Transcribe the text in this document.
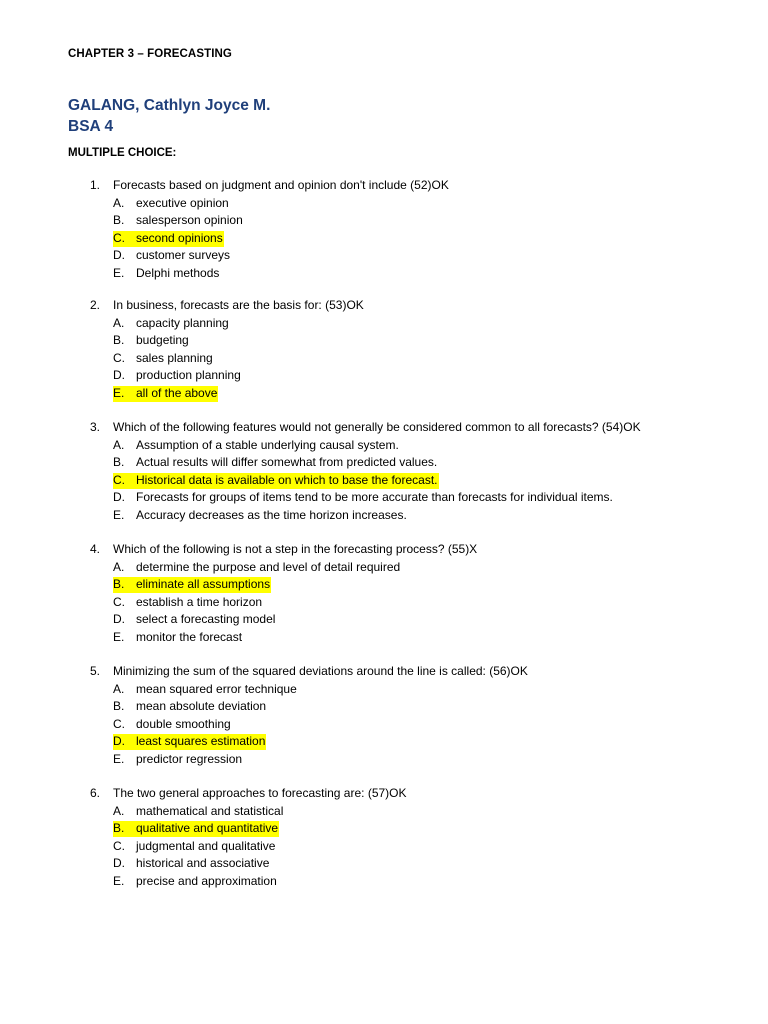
CHAPTER 3 – FORECASTING
GALANG, Cathlyn Joyce M.
BSA 4
MULTIPLE CHOICE:
1. Forecasts based on judgment and opinion don't include (52)OK
A. executive opinion
B. salesperson opinion
C. second opinions
D. customer surveys
E. Delphi methods
2. In business, forecasts are the basis for: (53)OK
A. capacity planning
B. budgeting
C. sales planning
D. production planning
E. all of the above
3. Which of the following features would not generally be considered common to all forecasts? (54)OK
A. Assumption of a stable underlying causal system.
B. Actual results will differ somewhat from predicted values.
C. Historical data is available on which to base the forecast.
D. Forecasts for groups of items tend to be more accurate than forecasts for individual items.
E. Accuracy decreases as the time horizon increases.
4. Which of the following is not a step in the forecasting process? (55)X
A. determine the purpose and level of detail required
B. eliminate all assumptions
C. establish a time horizon
D. select a forecasting model
E. monitor the forecast
5. Minimizing the sum of the squared deviations around the line is called: (56)OK
A. mean squared error technique
B. mean absolute deviation
C. double smoothing
D. least squares estimation
E. predictor regression
6. The two general approaches to forecasting are: (57)OK
A. mathematical and statistical
B. qualitative and quantitative
C. judgmental and qualitative
D. historical and associative
E. precise and approximation
